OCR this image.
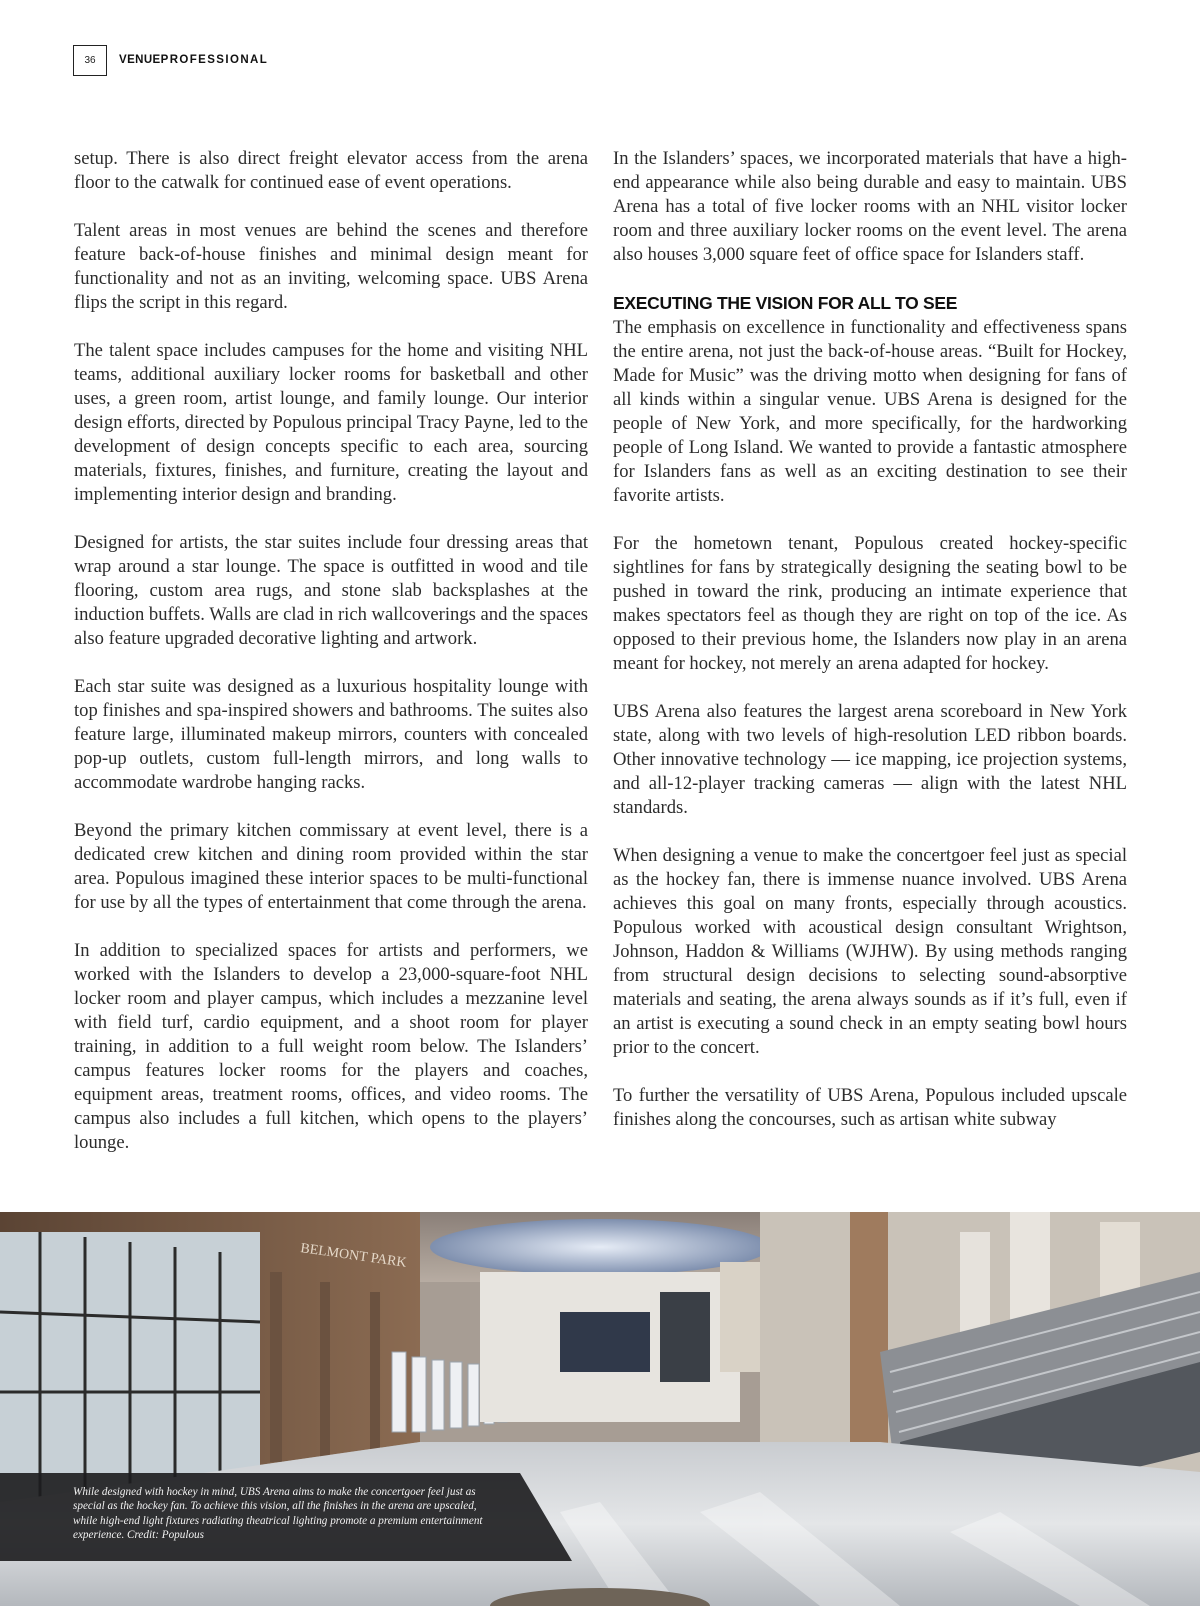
36	VENUEPROFESSIONAL

setup. There is also direct freight elevator access from the arena floor to the catwalk for continued ease of event operations.

Talent areas in most venues are behind the scenes and therefore feature back-of-house finishes and minimal design meant for functionality and not as an inviting, welcoming space. UBS Arena flips the script in this regard.

The talent space includes campuses for the home and visiting NHL teams, additional auxiliary locker rooms for basketball and other uses, a green room, artist lounge, and family lounge. Our interior design efforts, directed by Populous principal Tracy Payne, led to the development of design concepts specific to each area, sourcing materials, fixtures, finishes, and furniture, creating the layout and implementing interior design and branding.

Designed for artists, the star suites include four dressing areas that wrap around a star lounge. The space is outfitted in wood and tile flooring, custom area rugs, and stone slab backsplashes at the induction buffets. Walls are clad in rich wallcoverings and the spaces also feature upgraded decorative lighting and artwork.

Each star suite was designed as a luxurious hospitality lounge with top finishes and spa-inspired showers and bathrooms. The suites also feature large, illuminated makeup mirrors, counters with concealed pop-up outlets, custom full-length mirrors, and long walls to accommodate wardrobe hanging racks.

Beyond the primary kitchen commissary at event level, there is a dedicated crew kitchen and dining room provided within the star area. Populous imagined these interior spaces to be multi-functional for use by all the types of entertainment that come through the arena.

In addition to specialized spaces for artists and performers, we worked with the Islanders to develop a 23,000-square-foot NHL locker room and player campus, which includes a mezzanine level with field turf, cardio equipment, and a shoot room for player training, in addition to a full weight room below. The Islanders’ campus features locker rooms for the players and coaches, equipment areas, treatment rooms, offices, and video rooms. The campus also includes a full kitchen, which opens to the players’ lounge.

In the Islanders’ spaces, we incorporated materials that have a high-end appearance while also being durable and easy to maintain. UBS Arena has a total of five locker rooms with an NHL visitor locker room and three auxiliary locker rooms on the event level. The arena also houses 3,000 square feet of office space for Islanders staff.

EXECUTING THE VISION FOR ALL TO SEE

The emphasis on excellence in functionality and effectiveness spans the entire arena, not just the back-of-house areas. “Built for Hockey, Made for Music” was the driving motto when designing for fans of all kinds within a singular venue. UBS Arena is designed for the people of New York, and more specifically, for the hardworking people of Long Island. We wanted to provide a fantastic atmosphere for Islanders fans as well as an exciting destination to see their favorite artists.

For the hometown tenant, Populous created hockey-specific sightlines for fans by strategically designing the seating bowl to be pushed in toward the rink, producing an intimate experience that makes spectators feel as though they are right on top of the ice. As opposed to their previous home, the Islanders now play in an arena meant for hockey, not merely an arena adapted for hockey.

UBS Arena also features the largest arena scoreboard in New York state, along with two levels of high-resolution LED ribbon boards. Other innovative technology — ice mapping, ice projection systems, and all-12-player tracking cameras — align with the latest NHL standards.

When designing a venue to make the concertgoer feel just as special as the hockey fan, there is immense nuance involved. UBS Arena achieves this goal on many fronts, especially through acoustics. Populous worked with acoustical design consultant Wrightson, Johnson, Haddon & Williams (WJHW). By using methods ranging from structural design decisions to selecting sound-absorptive materials and seating, the arena always sounds as if it’s full, even if an artist is executing a sound check in an empty seating bowl hours prior to the concert.

To further the versatility of UBS Arena, Populous included upscale finishes along the concourses, such as artisan white subway

BELMONT PARK
While designed with hockey in mind, UBS Arena aims to make the concertgoer feel just as special as the hockey fan. To achieve this vision, all the finishes in the arena are upscaled, while high-end light fixtures radiating theatrical lighting promote a premium entertainment experience. Credit: Populous
